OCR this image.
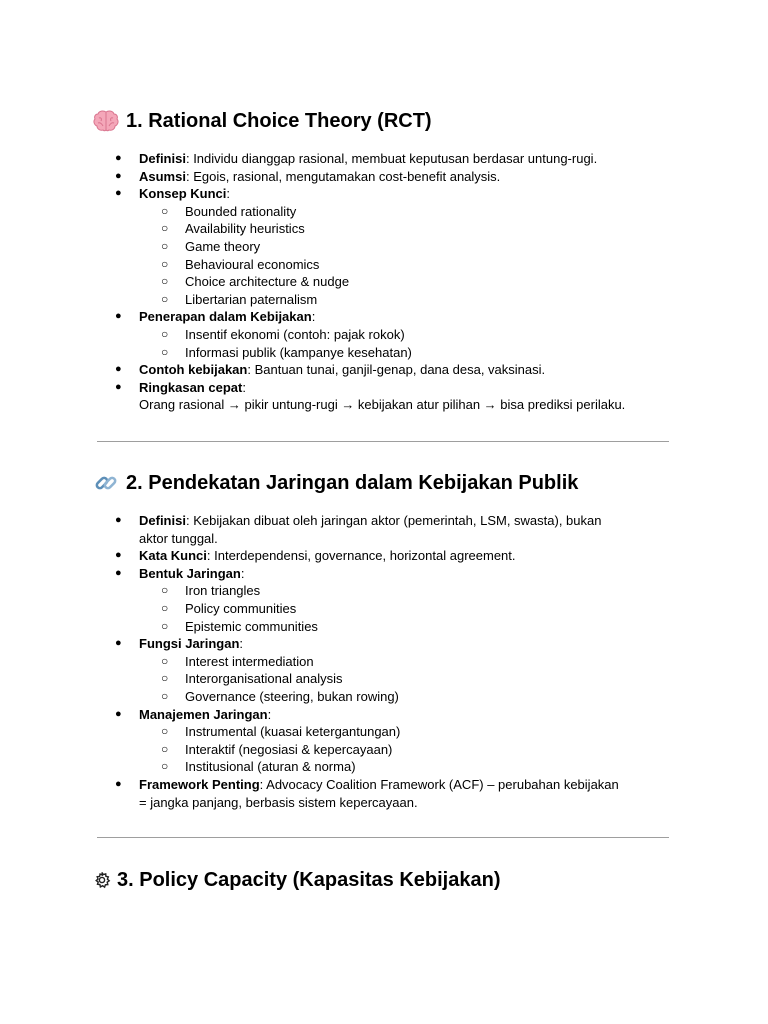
1. Rational Choice Theory (RCT)
● Definisi: Individu dianggap rasional, membuat keputusan berdasar untung-rugi.
● Asumsi: Egois, rasional, mengutamakan cost-benefit analysis.
● Konsep Kunci:
○ Bounded rationality
○ Availability heuristics
○ Game theory
○ Behavioural economics
○ Choice architecture & nudge
○ Libertarian paternalism
● Penerapan dalam Kebijakan:
○ Insentif ekonomi (contoh: pajak rokok)
○ Informasi publik (kampanye kesehatan)
● Contoh kebijakan: Bantuan tunai, ganjil-genap, dana desa, vaksinasi.
● Ringkasan cepat:
Orang rasional → pikir untung-rugi → kebijakan atur pilihan → bisa prediksi perilaku.
2. Pendekatan Jaringan dalam Kebijakan Publik
● Definisi: Kebijakan dibuat oleh jaringan aktor (pemerintah, LSM, swasta), bukan
aktor tunggal.
● Kata Kunci: Interdependensi, governance, horizontal agreement.
● Bentuk Jaringan:
○ Iron triangles
○ Policy communities
○ Epistemic communities
● Fungsi Jaringan:
○ Interest intermediation
○ Interorganisational analysis
○ Governance (steering, bukan rowing)
● Manajemen Jaringan:
○ Instrumental (kuasai ketergantungan)
○ Interaktif (negosiasi & kepercayaan)
○ Institusional (aturan & norma)
● Framework Penting: Advocacy Coalition Framework (ACF) – perubahan kebijakan
= jangka panjang, berbasis sistem kepercayaan.
3. Policy Capacity (Kapasitas Kebijakan)
